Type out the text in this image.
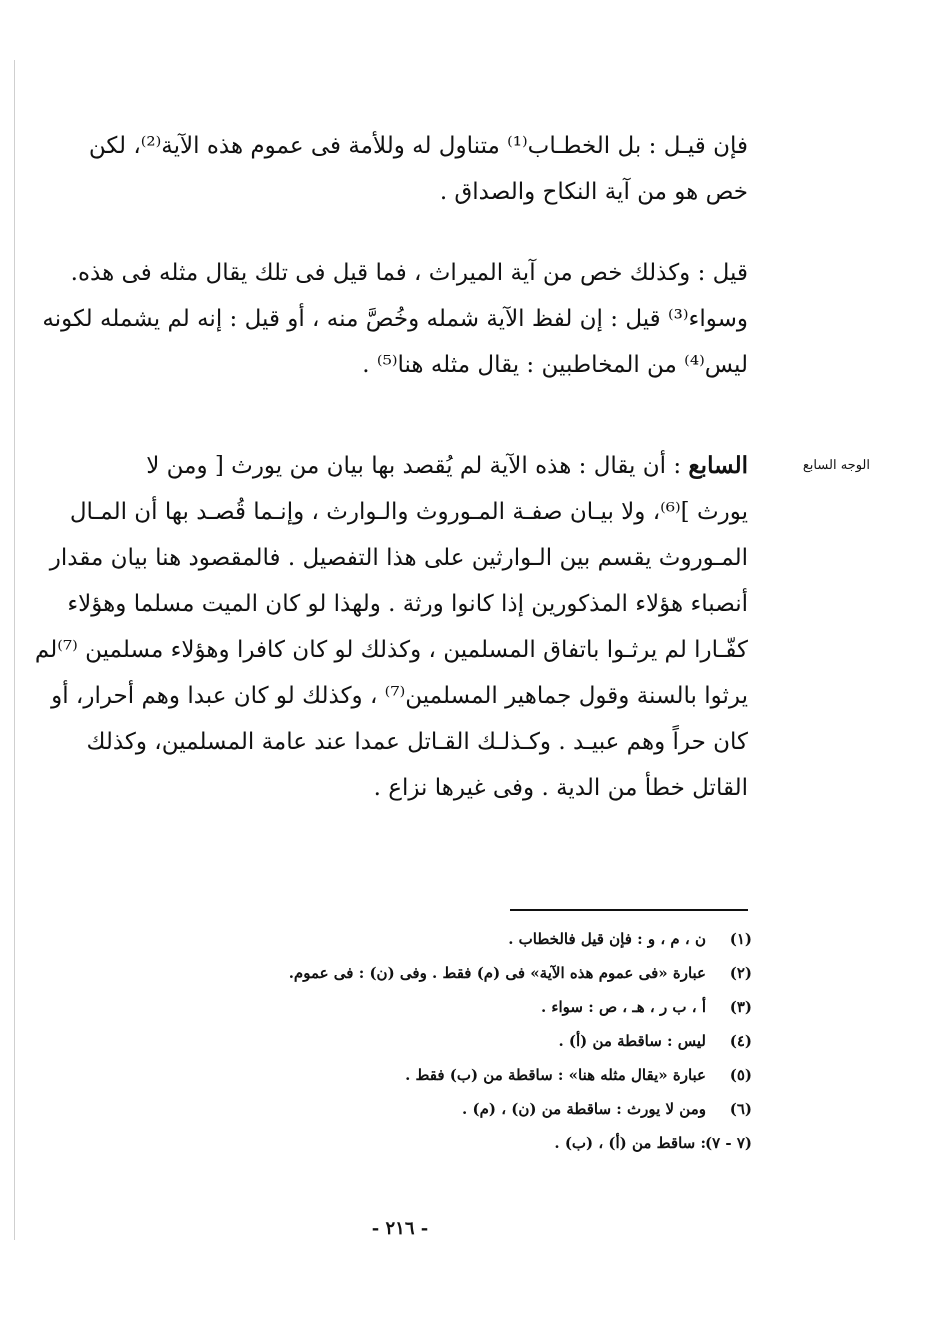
فإن قيـل : بل الخطـاب⁽¹⁾ متناول له وللأمة فى عموم هذه الآية⁽²⁾، لكن
خص هو من آية النكاح والصداق .
قيل : وكذلك خص من آية الميراث ، فما قيل فى تلك يقال مثله فى هذه.
وسواء⁽³⁾ قيل : إن لفظ الآية شمله وخُصَّ منه ، أو قيل : إنه لم يشمله لكونه
ليس⁽⁴⁾ من المخاطبين : يقال مثله هنا⁽⁵⁾ .
الوجه السابع
السابع : أن يقال : هذه الآية لم يُقصد بها بيان من يورث [ ومن لا
يورث ]⁽⁶⁾، ولا بيـان صفـة المـوروث والـوارث ، وإنـما قُصـد بها أن المـال
المـوروث يقسم بين الـوارثين على هذا التفصيل . فالمقصود هنا بيان مقدار
أنصباء هؤلاء المذكورين إذا كانوا ورثة . ولهذا لو كان الميت مسلما وهؤلاء
كفّـارا لم يرثـوا باتفاق المسلمين ، وكذلك لو كان كافرا وهؤلاء مسلمين ⁽⁷⁾لم
يرثوا بالسنة وقول جماهير المسلمين⁽⁷⁾ ، وكذلك لو كان عبدا وهم أحرار، أو
كان حراً وهم عبيـد . وكـذلـك القـاتل عمدا عند عامة المسلمين، وكذلك
القاتل خطأ من الدية . وفى غيرها نزاع .
(١)ن ، م ، و : فإن قيل فالخطاب .
(٢)عبارة «فى عموم هذه الآية» فى (م) فقط . وفى (ن) : فى عموم.
(٣)أ ، ب ر ، هـ ، ص : سواء .
(٤)ليس : ساقطة من (أ) .
(٥)عبارة «يقال مثله هنا» : ساقطة من (ب) فقط .
(٦)ومن لا يورث : ساقطة من (ن) ، (م) .
(٧ - ٧): ساقط من (أ) ، (ب) .
- ٢١٦ -
